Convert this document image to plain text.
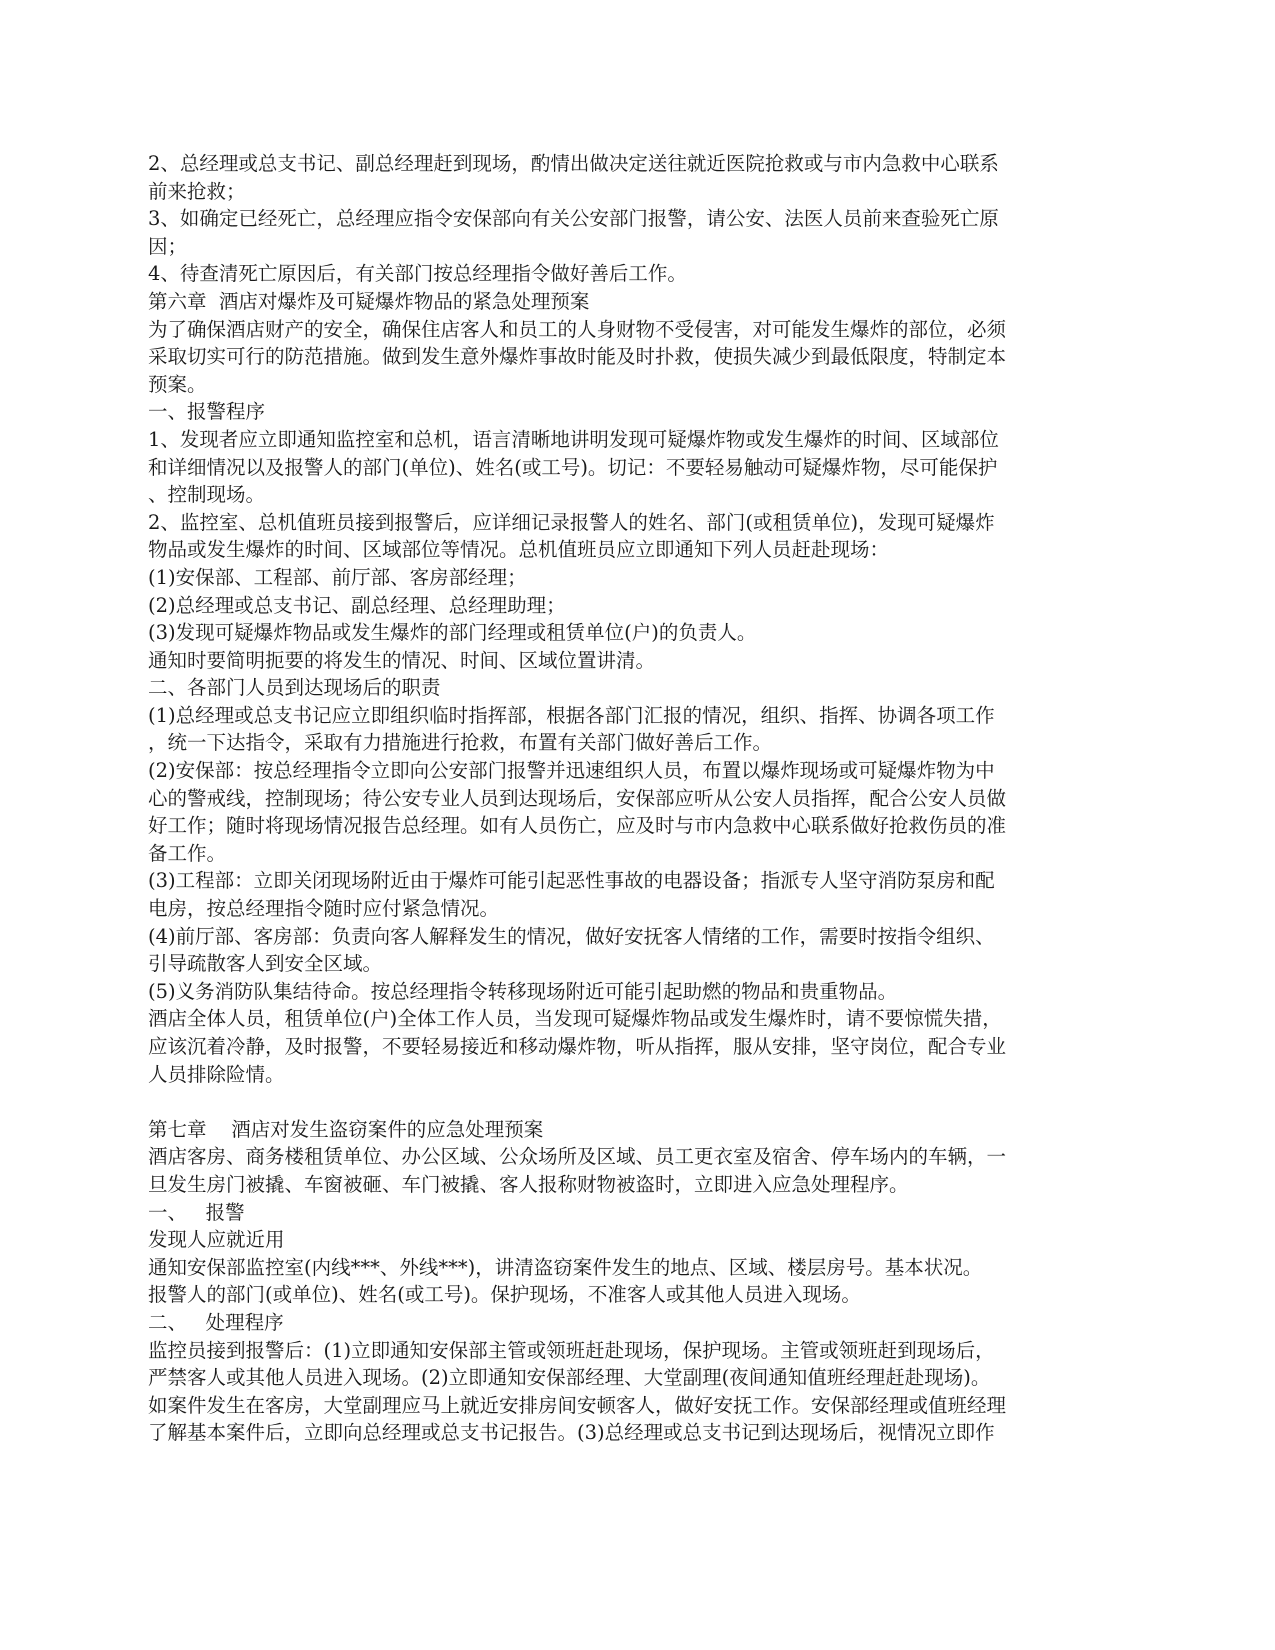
2、总经理或总支书记、副总经理赶到现场，酌情出做决定送往就近医院抢救或与市内急救中心联系
前来抢救；
3、如确定已经死亡，总经理应指令安保部向有关公安部门报警，请公安、法医人员前来查验死亡原
因；
4、待查清死亡原因后，有关部门按总经理指令做好善后工作。
第六章  酒店对爆炸及可疑爆炸物品的紧急处理预案
为了确保酒店财产的安全，确保住店客人和员工的人身财物不受侵害，对可能发生爆炸的部位，必须
采取切实可行的防范措施。做到发生意外爆炸事故时能及时扑救，使损失减少到最低限度，特制定本
预案。
一、报警程序
1、发现者应立即通知监控室和总机，语言清晰地讲明发现可疑爆炸物或发生爆炸的时间、区域部位
和详细情况以及报警人的部门(单位)、姓名(或工号)。切记：不要轻易触动可疑爆炸物，尽可能保护
、控制现场。
2、监控室、总机值班员接到报警后，应详细记录报警人的姓名、部门(或租赁单位)，发现可疑爆炸
物品或发生爆炸的时间、区域部位等情况。总机值班员应立即通知下列人员赶赴现场：
(1)安保部、工程部、前厅部、客房部经理；
(2)总经理或总支书记、副总经理、总经理助理；
(3)发现可疑爆炸物品或发生爆炸的部门经理或租赁单位(户)的负责人。
通知时要简明扼要的将发生的情况、时间、区域位置讲清。
二、各部门人员到达现场后的职责
(1)总经理或总支书记应立即组织临时指挥部，根据各部门汇报的情况，组织、指挥、协调各项工作
，统一下达指令，采取有力措施进行抢救，布置有关部门做好善后工作。
(2)安保部：按总经理指令立即向公安部门报警并迅速组织人员，布置以爆炸现场或可疑爆炸物为中
心的警戒线，控制现场；待公安专业人员到达现场后，安保部应听从公安人员指挥，配合公安人员做
好工作；随时将现场情况报告总经理。如有人员伤亡，应及时与市内急救中心联系做好抢救伤员的准
备工作。
(3)工程部：立即关闭现场附近由于爆炸可能引起恶性事故的电器设备；指派专人坚守消防泵房和配
电房，按总经理指令随时应付紧急情况。
(4)前厅部、客房部：负责向客人解释发生的情况，做好安抚客人情绪的工作，需要时按指令组织、
引导疏散客人到安全区域。
(5)义务消防队集结待命。按总经理指令转移现场附近可能引起助燃的物品和贵重物品。
酒店全体人员，租赁单位(户)全体工作人员，当发现可疑爆炸物品或发生爆炸时，请不要惊慌失措，
应该沉着冷静，及时报警，不要轻易接近和移动爆炸物，听从指挥，服从安排，坚守岗位，配合专业
人员排除险情。
第七章    酒店对发生盗窃案件的应急处理预案
酒店客房、商务楼租赁单位、办公区域、公众场所及区域、员工更衣室及宿舍、停车场内的车辆，一
旦发生房门被撬、车窗被砸、车门被撬、客人报称财物被盗时，立即进入应急处理程序。
一、   报警
发现人应就近用
通知安保部监控室(内线***、外线***)，讲清盗窃案件发生的地点、区域、楼层房号。基本状况。
报警人的部门(或单位)、姓名(或工号)。保护现场，不准客人或其他人员进入现场。
二、   处理程序
监控员接到报警后：(1)立即通知安保部主管或领班赶赴现场，保护现场。主管或领班赶到现场后，
严禁客人或其他人员进入现场。(2)立即通知安保部经理、大堂副理(夜间通知值班经理赶赴现场)。
如案件发生在客房，大堂副理应马上就近安排房间安顿客人，做好安抚工作。安保部经理或值班经理
了解基本案件后，立即向总经理或总支书记报告。(3)总经理或总支书记到达现场后，视情况立即作
